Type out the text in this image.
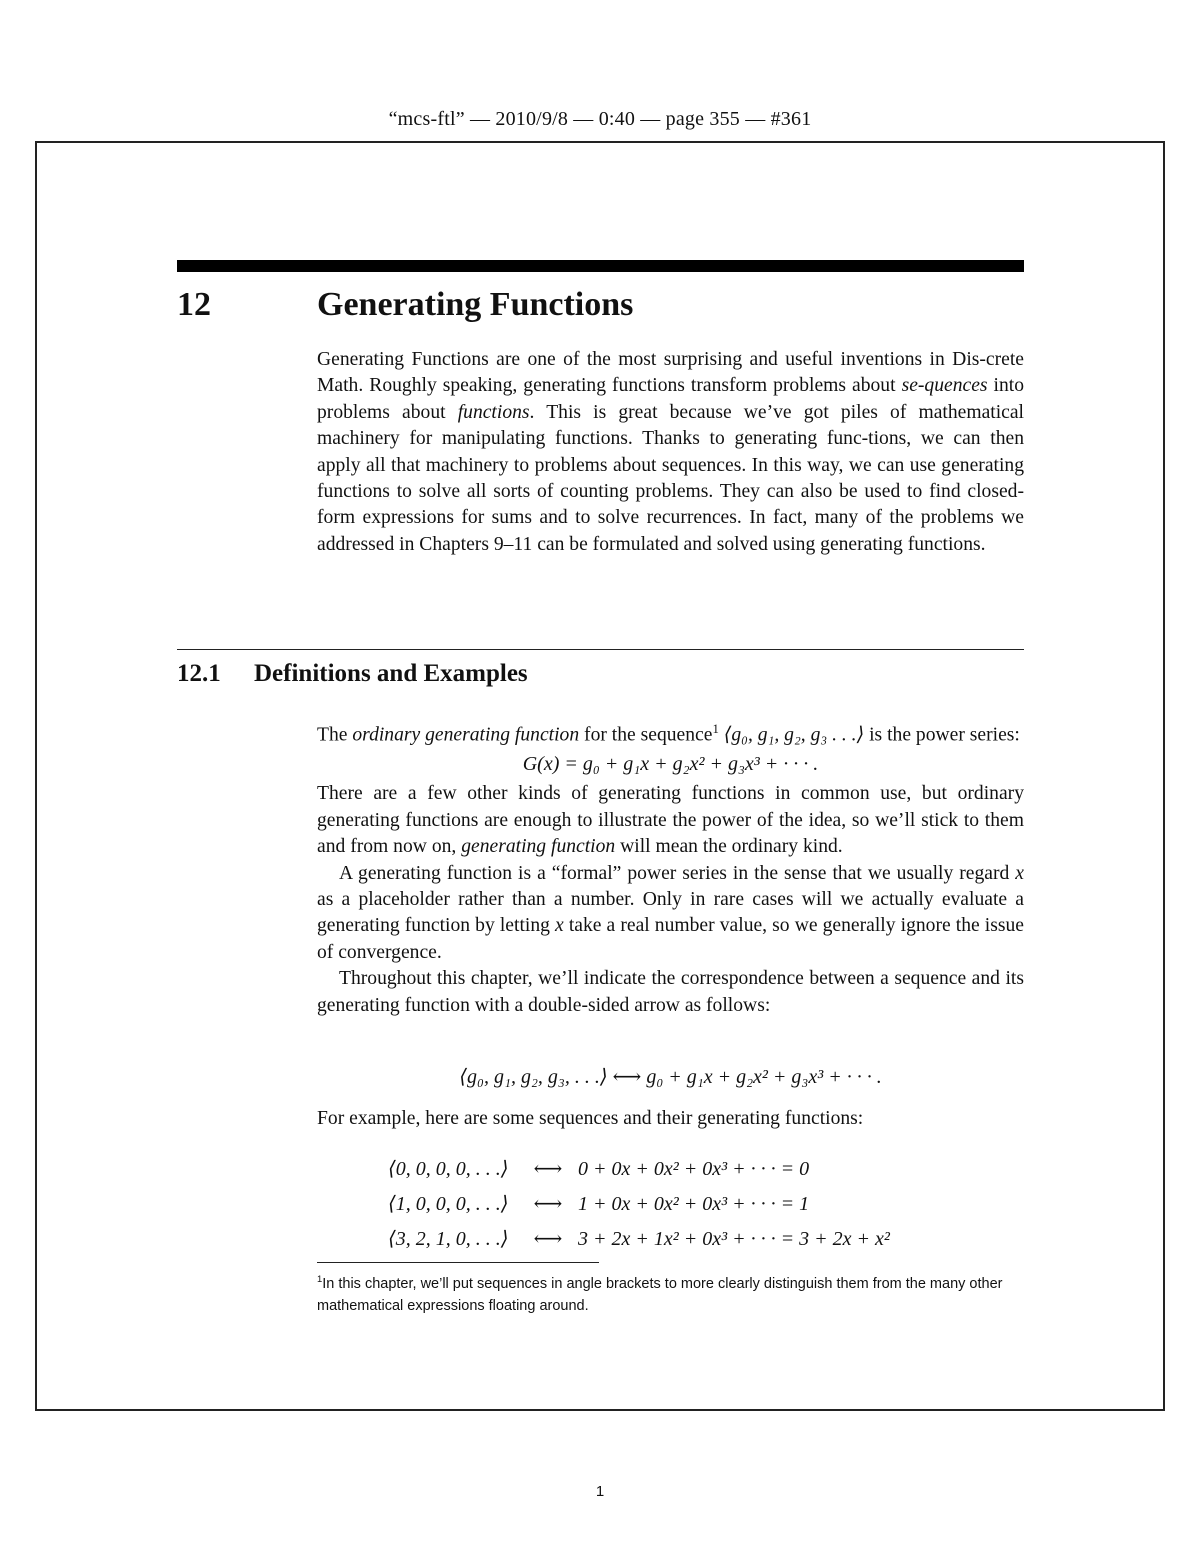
“mcs-ftl” — 2010/9/8 — 0:40 — page 355 — #361
12	Generating Functions

Generating Functions are one of the most surprising and useful inventions in Dis-crete Math. Roughly speaking, generating functions transform problems about se-quences into problems about functions. This is great because we’ve got piles of mathematical machinery for manipulating functions. Thanks to generating func-tions, we can then apply all that machinery to problems about sequences. In this way, we can use generating functions to solve all sorts of counting problems. They can also be used to find closed-form expressions for sums and to solve recurrences. In fact, many of the problems we addressed in Chapters 9–11 can be formulated and solved using generating functions.

12.1 Definitions and Examples

The ordinary generating function for the sequence$^1$ ⟨g₀, g₁, g₂, g₃ . . .⟩ is the power series:

G(x) = g₀ + g₁x + g₂x² + g₃x³ + · · · .

There are a few other kinds of generating functions in common use, but ordinary generating functions are enough to illustrate the power of the idea, so we’ll stick to them and from now on, generating function will mean the ordinary kind.

A generating function is a “formal” power series in the sense that we usually regard x as a placeholder rather than a number. Only in rare cases will we actually evaluate a generating function by letting x take a real number value, so we generally ignore the issue of convergence.

Throughout this chapter, we’ll indicate the correspondence between a sequence and its generating function with a double-sided arrow as follows:

⟨g₀, g₁, g₂, g₃, . . .⟩ ⟷ g₀ + g₁x + g₂x² + g₃x³ + · · · .
For example, here are some sequences and their generating functions:
⟨0, 0, 0, 0, . . .⟩ ⟷ 0 + 0x + 0x² + 0x³ + · · · = 0
⟨1, 0, 0, 0, . . .⟩ ⟷ 1 + 0x + 0x² + 0x³ + · · · = 1
⟨3, 2, 1, 0, . . .⟩ ⟷ 3 + 2x + 1x² + 0x³ + · · · = 3 + 2x + x²
$^1$In this chapter, we’ll put sequences in angle brackets to more clearly distinguish them from the many other mathematical expressions floating around.
1
